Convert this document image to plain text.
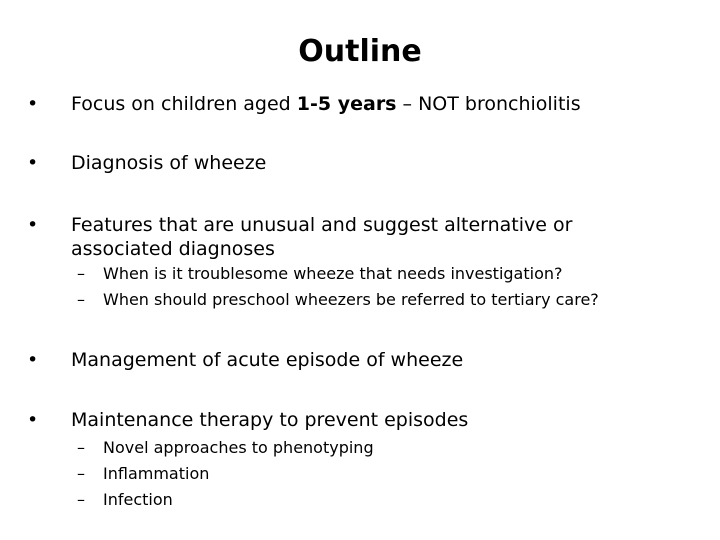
Outline
• Focus on children aged 1-5 years – NOT bronchiolitis
• Diagnosis of wheeze
• Features that are unusual and suggest alternative or
associated diagnoses
– When is it troublesome wheeze that needs investigation?
– When should preschool wheezers be referred to tertiary care?
• Management of acute episode of wheeze
• Maintenance therapy to prevent episodes
– Novel approaches to phenotyping
– Inflammation
– Infection
